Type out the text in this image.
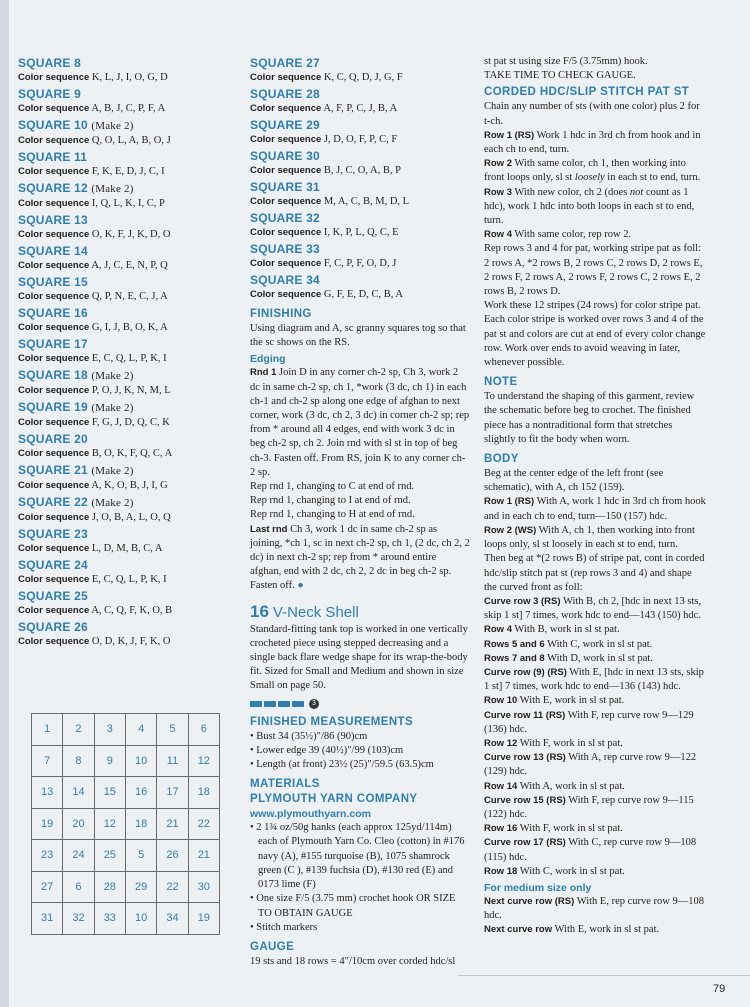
SQUARE 8
Color sequence K, L, J, I, O, G, D
SQUARE 9
Color sequence A, B, J, C, P, F, A
SQUARE 10 (Make 2)
Color sequence Q, O, L, A, B, O, J
SQUARE 11
Color sequence F, K, E, D, J, C, I
SQUARE 12 (Make 2)
Color sequence I, Q, L, K, I, C, P
SQUARE 13
Color sequence O, K, F, J, K, D, O
SQUARE 14
Color sequence A, J, C, E, N, P, Q
SQUARE 15
Color sequence Q, P, N, E, C, J, A
SQUARE 16
Color sequence G, I, J, B, O, K, A
SQUARE 17
Color sequence E, C, Q, L, P, K, I
SQUARE 18 (Make 2)
Color sequence P, O, J, K, N, M, L
SQUARE 19 (Make 2)
Color sequence F, G, J, D, Q, C, K
SQUARE 20
Color sequence B, O, K, F, Q, C, A
SQUARE 21 (Make 2)
Color sequence A, K, O, B, J, I, G
SQUARE 22 (Make 2)
Color sequence J, O, B, A, L, O, Q
SQUARE 23
Color sequence L, D, M, B, C, A
SQUARE 24
Color sequence E, C, Q, L, P, K, I
SQUARE 25
Color sequence A, C, Q, F, K, O, B
SQUARE 26
Color sequence O, D, K, J, F, K, O
SQUARE 27
Color sequence K, C, Q, D, J, G, F
SQUARE 28
Color sequence A, F, P, C, J, B, A
SQUARE 29
Color sequence J, D, O, F, P, C, F
SQUARE 30
Color sequence B, J, C, O, A, B, P
SQUARE 31
Color sequence M, A, C, B, M, D, L
SQUARE 32
Color sequence I, K, P, L, Q, C, E
SQUARE 33
Color sequence F, C, P, F, O, D, J
SQUARE 34
Color sequence G, F, E, D, C, B, A
FINISHING

Using diagram and A, sc granny squares tog so that the sc shows on the RS.

Edging

Rnd 1 Join D in any corner ch-2 sp, Ch 3, work 2 dc in same ch-2 sp, ch 1, *work (3 dc, ch 1) in each ch-1 and ch-2 sp along one edge of afghan to next corner, work (3 dc, ch 2, 3 dc) in corner ch-2 sp; rep from * around all 4 edges, end with work 3 dc in beg ch-2 sp, ch 2. Join rnd with sl st in top of beg ch-3. Fasten off. From RS, join K to any corner ch-2 sp.

Rep rnd 1, changing to C at end of rnd.

Rep rnd 1, changing to I at end of rnd.

Rep rnd 1, changing to H at end of rnd.

Last rnd Ch 3, work 1 dc in same ch-2 sp as joining, *ch 1, sc in next ch-2 sp, ch 1, (2 dc, ch 2, 2 dc) in next ch-2 sp; rep from * around entire afghan, end with 2 dc, ch 2, 2 dc in beg ch-2 sp. Fasten off. ●

16 V-Neck Shell

Standard-fitting tank top is worked in one vertically crocheted piece using stepped decreasing and a single back flare wedge shape for its wrap-the-body fit. Sized for Small and Medium and shown in size Small on page 50.

3
FINISHED MEASUREMENTS

• Bust 34 (35½)"/86 (90)cm

• Lower edge 39 (40½)"/99 (103)cm

• Length (at front) 23½ (25)"/59.5 (63.5)cm

MATERIALS
PLYMOUTH YARN COMPANY
www.plymouthyarn.com

• 2 1¾ oz/50g hanks (each approx 125yd/114m) each of Plymouth Yarn Co. Cleo (cotton) in #176 navy (A), #155 turquoise (B), 1075 shamrock green (C ), #139 fuchsia (D), #130 red (E) and 0173 lime (F)

• One size F/5 (3.75 mm) crochet hook OR SIZE TO OBTAIN GAUGE

• Stitch markers

GAUGE

19 sts and 18 rows = 4"/10cm over corded hdc/sl

st pat st using size F/5 (3.75mm) hook.

TAKE TIME TO CHECK GAUGE.

CORDED HDC/SLIP STITCH PAT ST

Chain any number of sts (with one color) plus 2 for t-ch.

Row 1 (RS) Work 1 hdc in 3rd ch from hook and in each ch to end, turn.

Row 2 With same color, ch 1, then working into front loops only, sl st loosely in each st to end, turn.

Row 3 With new color, ch 2 (does not count as 1 hdc), work 1 hdc into both loops in each st to end, turn.

Row 4 With same color, rep row 2.

Rep rows 3 and 4 for pat, working stripe pat as foll: 2 rows A, *2 rows B, 2 rows C, 2 rows D, 2 rows E, 2 rows F, 2 rows A, 2 rows F, 2 rows C, 2 rows E, 2 rows B, 2 rows D.

Work these 12 stripes (24 rows) for color stripe pat. Each color stripe is worked over rows 3 and 4 of the pat st and colors are cut at end of every color change row. Work over ends to avoid weaving in later, whenever possible.

NOTE

To understand the shaping of this garment, review the schematic before beg to crochet. The finished piece has a nontraditional form that stretches slightly to fit the body when worn.

BODY

Beg at the center edge of the left front (see schematic), with A, ch 152 (159).

Row 1 (RS) With A, work 1 hdc in 3rd ch from hook and in each ch to end, turn—150 (157) hdc.

Row 2 (WS) With A, ch 1, then working into front loops only, sl st loosely in each st to end, turn.

Then beg at *(2 rows B) of stripe pat, cont in corded hdc/slip stitch pat st (rep rows 3 and 4) and shape the curved front as foll:

Curve row 3 (RS) With B, ch 2, [hdc in next 13 sts, skip 1 st] 7 times, work hdc to end—143 (150) hdc.

Row 4 With B, work in sl st pat.

Rows 5 and 6 With C, work in sl st pat.

Rows 7 and 8 With D, work in sl st pat.

Curve row (9) (RS) With E, [hdc in next 13 sts, skip 1 st] 7 times, work hdc to end—136 (143) hdc.

Row 10 With E, work in sl st pat.

Curve row 11 (RS) With F, rep curve row 9—129 (136) hdc.

Row 12 With F, work in sl st pat.

Curve row 13 (RS) With A, rep curve row 9—122 (129) hdc.

Row 14 With A, work in sl st pat.

Curve row 15 (RS) With F, rep curve row 9—115 (122) hdc.

Row 16 With F, work in sl st pat.

Curve row 17 (RS) With C, rep curve row 9—108 (115) hdc.

Row 18 With C, work in sl st pat.

For medium size only

Next curve row (RS) With E, rep curve row 9—108 hdc.

Next curve row With E, work in sl st pat.

1	2	3	4	5	6
7	8	9	10	11	12
13	14	15	16	17	18
19	20	12	18	21	22
23	24	25	5	26	21
27	6	28	29	22	30
31	32	33	10	34	19
79
